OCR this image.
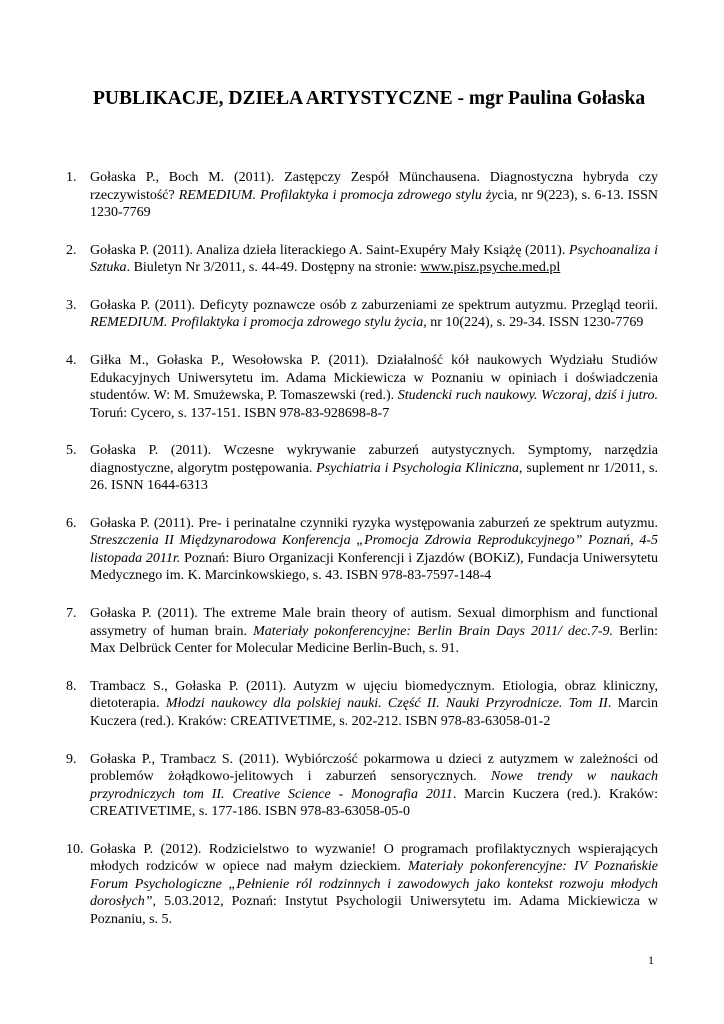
PUBLIKACJE, DZIEŁA ARTYSTYCZNE - mgr Paulina Gołaska
1. Gołaska P., Boch M. (2011). Zastępczy Zespół Münchausena. Diagnostyczna hybryda czy rzeczywistość? REMEDIUM. Profilaktyka i promocja zdrowego stylu życia, nr 9(223), s. 6-13. ISSN 1230-7769
2. Gołaska P. (2011). Analiza dzieła literackiego A. Saint-Exupéry Mały Książę (2011). Psychoanaliza i Sztuka. Biuletyn Nr 3/2011, s. 44-49. Dostępny na stronie: www.pisz.psyche.med.pl
3. Gołaska P. (2011). Deficyty poznawcze osób z zaburzeniami ze spektrum autyzmu. Przegląd teorii. REMEDIUM. Profilaktyka i promocja zdrowego stylu życia, nr 10(224), s. 29-34. ISSN 1230-7769
4. Giłka M., Gołaska P., Wesołowska P. (2011). Działalność kół naukowych Wydziału Studiów Edukacyjnych Uniwersytetu im. Adama Mickiewicza w Poznaniu w opiniach i doświadczenia studentów. W: M. Smużewska, P. Tomaszewski (red.). Studencki ruch naukowy. Wczoraj, dziś i jutro. Toruń: Cycero, s. 137-151. ISBN 978-83-928698-8-7
5. Gołaska P. (2011). Wczesne wykrywanie zaburzeń autystycznych. Symptomy, narzędzia diagnostyczne, algorytm postępowania. Psychiatria i Psychologia Kliniczna, suplement nr 1/2011, s. 26. ISNN 1644-6313
6. Gołaska P. (2011). Pre- i perinatalne czynniki ryzyka występowania zaburzeń ze spektrum autyzmu. Streszczenia II Międzynarodowa Konferencja „Promocja Zdrowia Reprodukcyjnego” Poznań, 4-5 listopada 2011r. Poznań: Biuro Organizacji Konferencji i Zjazdów (BOKiZ), Fundacja Uniwersytetu Medycznego im. K. Marcinkowskiego, s. 43. ISBN 978-83-7597-148-4
7. Gołaska P. (2011). The extreme Male brain theory of autism. Sexual dimorphism and functional assymetry of human brain. Materiały pokonferencyjne: Berlin Brain Days 2011/ dec.7-9. Berlin: Max Delbrück Center for Molecular Medicine Berlin-Buch, s. 91.
8. Trambacz S., Gołaska P. (2011). Autyzm w ujęciu biomedycznym. Etiologia, obraz kliniczny, dietoterapia. Młodzi naukowcy dla polskiej nauki. Część II. Nauki Przyrodnicze. Tom II. Marcin Kuczera (red.). Kraków: CREATIVETIME, s. 202-212. ISBN 978-83-63058-01-2
9. Gołaska P., Trambacz S. (2011). Wybiórczość pokarmowa u dzieci z autyzmem w zależności od problemów żołądkowo-jelitowych i zaburzeń sensorycznych. Nowe trendy w naukach przyrodniczych tom II. Creative Science - Monografia 2011. Marcin Kuczera (red.). Kraków: CREATIVETIME, s. 177-186. ISBN 978-83-63058-05-0
10. Gołaska P. (2012). Rodzicielstwo to wyzwanie! O programach profilaktycznych wspierających młodych rodziców w opiece nad małym dzieckiem. Materiały pokonferencyjne: IV Poznańskie Forum Psychologiczne „Pełnienie ról rodzinnych i zawodowych jako kontekst rozwoju młodych dorosłych”, 5.03.2012, Poznań: Instytut Psychologii Uniwersytetu im. Adama Mickiewicza w Poznaniu, s. 5.
1
